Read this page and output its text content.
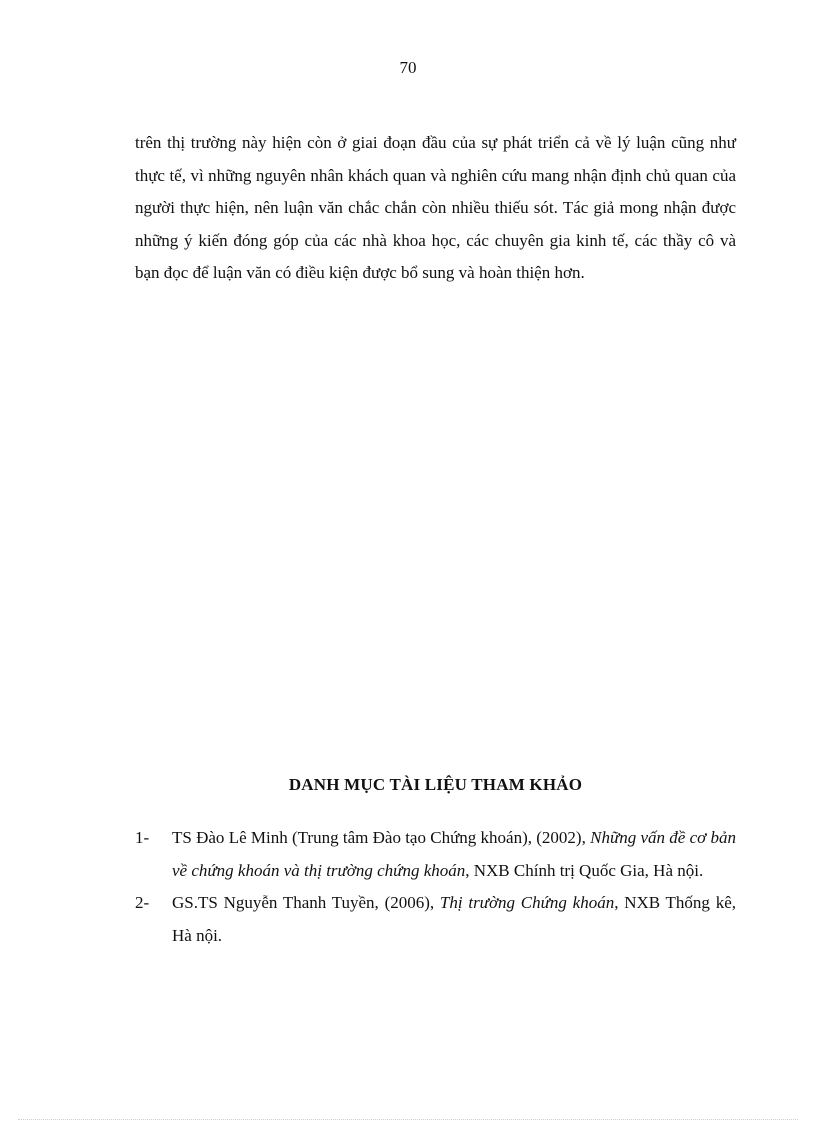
70

trên thị trường này hiện còn ở giai đoạn đầu của sự phát triển cả về lý luận cũng như thực tế, vì những nguyên nhân khách quan và nghiên cứu mang nhận định chủ quan của người thực hiện, nên luận văn chắc chắn còn nhiều thiếu sót. Tác giả mong nhận được những ý kiến đóng góp của các nhà khoa học, các chuyên gia kinh tế, các thầy cô và bạn đọc để luận văn có điều kiện được bổ sung và hoàn thiện hơn.

DANH MỤC TÀI LIỆU THAM KHẢO
1- TS Đào Lê Minh (Trung tâm Đào tạo Chứng khoán), (2002), Những vấn đề cơ bản về chứng khoán và thị trường chứng khoán, NXB Chính trị Quốc Gia, Hà nội.
2- GS.TS Nguyễn Thanh Tuyền, (2006), Thị trường Chứng khoán, NXB Thống kê, Hà nội.
